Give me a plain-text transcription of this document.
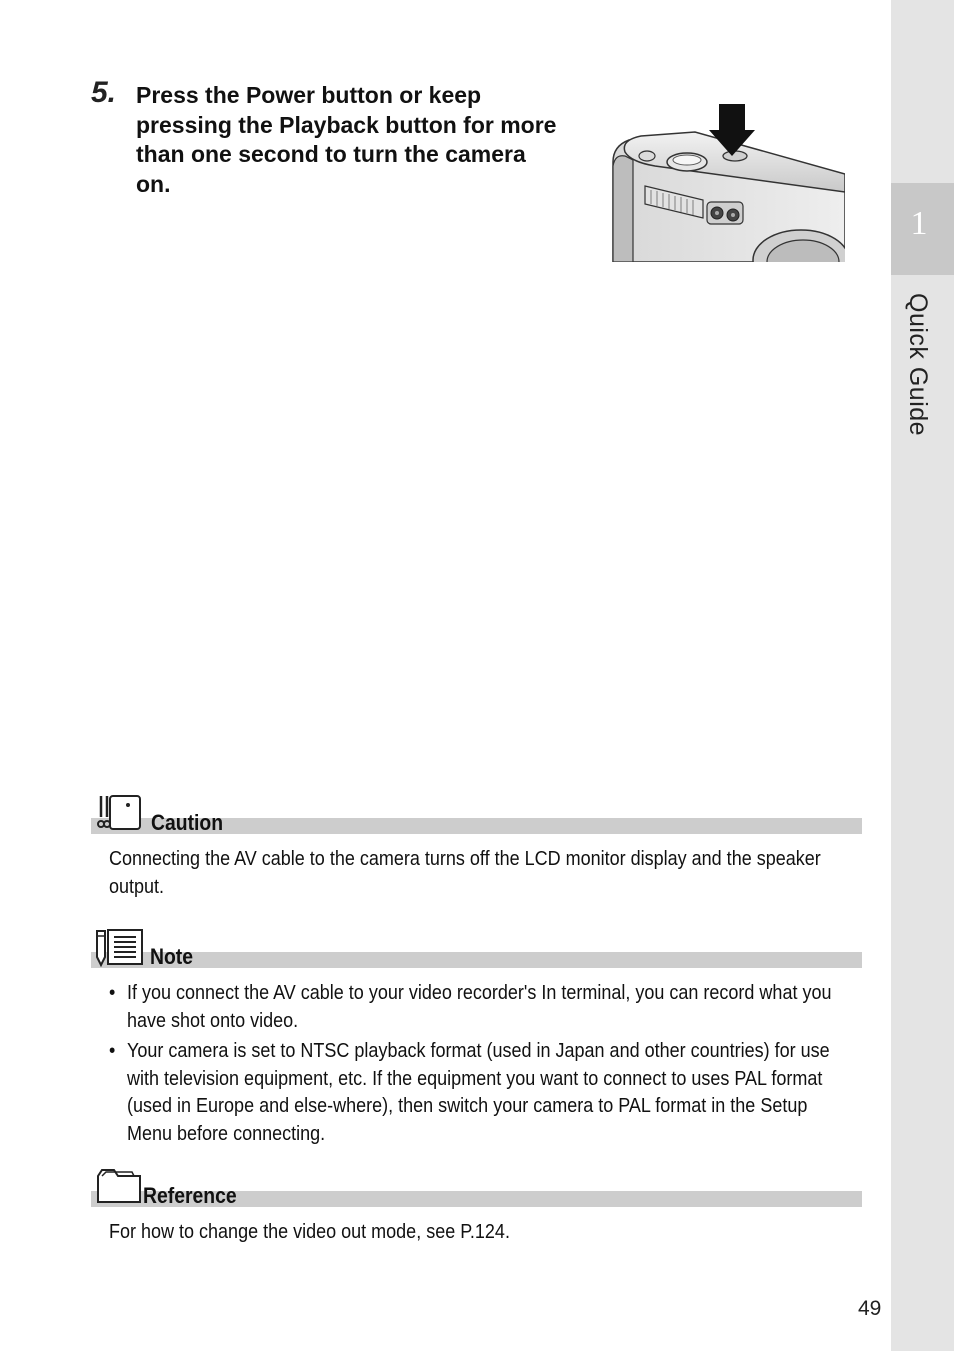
1
Quick Guide
5. Press the Power button or keep pressing the Playback button for more than one second to turn the camera on.
Caution
Connecting the AV cable to the camera turns off the LCD monitor display and the speaker output.
Note
• If you connect the AV cable to your video recorder's In terminal, you can record what you have shot onto video.
• Your camera is set to NTSC playback format (used in Japan and other countries) for use with television equipment, etc. If the equipment you want to connect to uses PAL format (used in Europe and else-where), then switch your camera to PAL format in the Setup Menu before connecting.
Reference
For how to change the video out mode, see P.124.
49
